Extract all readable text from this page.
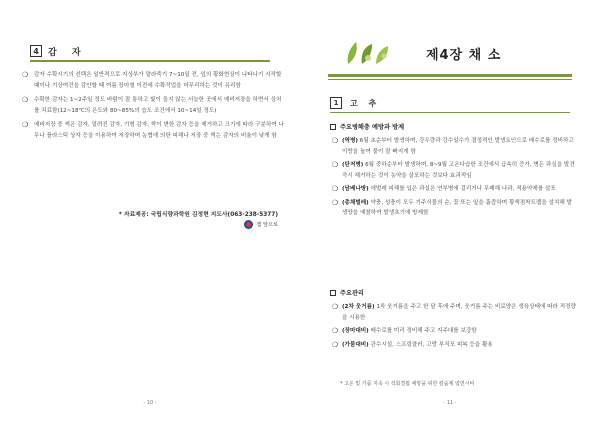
4	감 자
❍	감자 수확시기의 선택은 일반적으로 지상부가 말라죽기 7~10일 전, 잎의 황화현상이 나타나기 시작할 때이나 기상여건을 감안할 때 여름 장마철 이전에 수확작업을 마무리하는 것이 유리함
❍	수확한 감자는 1~2주일 정도 바람이 잘 통하고 빛이 들지 않는 서늘한 곳에서 예비저장을 하면서 상처를 치료함(12~18℃의 온도와 80~85%의 습도 조건에서 10~14일 정도)
❍	예비저장 중 썩은 감자, 얼려진 감자, 기형 감자, 싹이 변한 감자 등을 제거하고 크기에 따라 구분하여 나무나 플라스틱 상자 등을 이용하여 저장하며 농협에 의한 피해나 저장 중 썩는 감자의 비율이 낮게 함
* 자료제공: 국립식량과학원 김정현 지도사(063-238-5377)
잼 앞으로
- 10 -
제4장 채 소
1	고 추
주요병해충 예방과 방제
❍ (역병) 6월 초순부터 발생하며, 강우량과 강수일수가 결정적인 발생요인으로 배수로를 정비하고 이랑을 높여 물이 잘 빠지게 함
❍ (탄저병) 6월 중하순부터 발생하며, 8~9월 고온다습한 조건에서 급속히 증가, 병든 과실을 발견 즉시 제거하는 것이 농약을 살포하는 것보다 효과적임
❍ (담배나방) 애벌레 피해를 입은 과실은 연부병에 걸리거나 무패해 나과, 적용약제를 살포
❍ (총채벌레) 약충, 성충이 모두 기주식물의 순, 꽃 또는 잎을 흡즙하며 황색점착트랩을 설치해 발생양을 예찰하여 발생초기에 방제함
주요관리
❍ (2차 웃거름) 1차 웃거름을 주고 한 달 후에 주며, 웃거름 주는 비료양은 생육상태에 따라 적정량을 시용한
❍ (장마대비) 배수로를 미리 정비해 주고 지주대를 보강함
❍ (가뭄대비) 관수시설, 스프링클러, 고랑 부직포 피복 등을 활용
* 고온 및 가뭄 지속 시 석회결핍 예방을 위한 칼슘제 엽면시비
- 11 -
